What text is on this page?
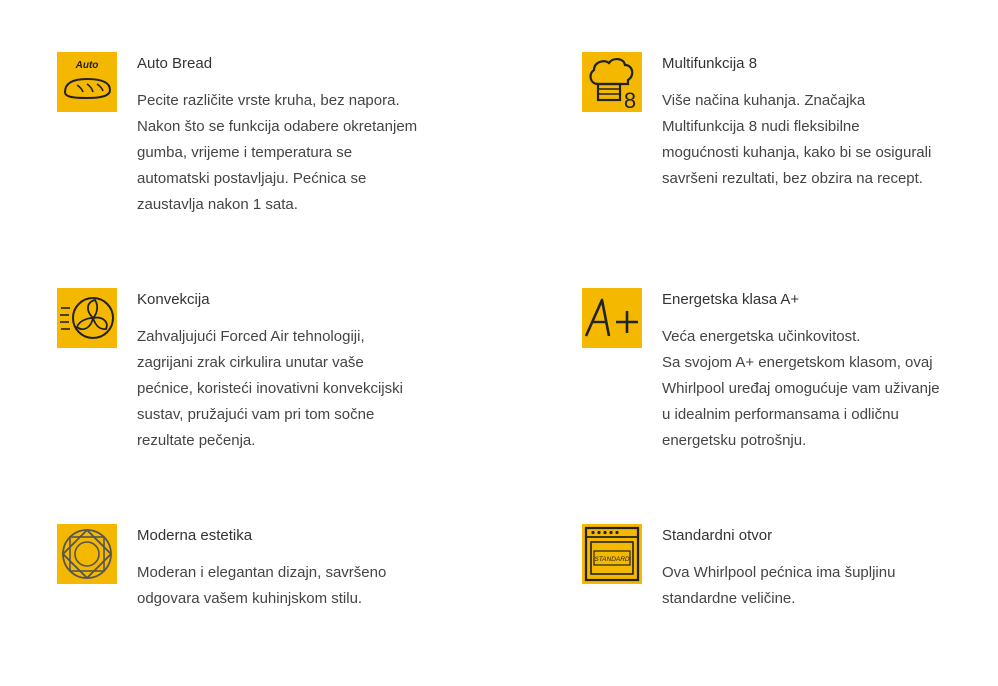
Auto	Auto Bread

Pecite različite vrste kruha, bez napora.
Nakon što se funkcija odabere okretanjem
gumba, vrijeme i temperatura se
automatski postavljaju. Pećnica se
zaustavlja nakon 1 sata.

8
Multifunkcija 8

Više načina kuhanja. Značajka
Multifunkcija 8 nudi fleksibilne
mogućnosti kuhanja, kako bi se osigurali
savršeni rezultati, bez obzira na recept.

Konvekcija

Zahvaljujući Forced Air tehnologiji,
zagrijani zrak cirkulira unutar vaše
pećnice, koristeći inovativni konvekcijski
sustav, pružajući vam pri tom sočne
rezultate pečenja.

Energetska klasa A+

Veća energetska učinkovitost.
Sa svojom A+ energetskom klasom, ovaj
Whirlpool uređaj omogućuje vam uživanje
u idealnim performansama i odličnu
energetsku potrošnju.

Moderna estetika

Moderan i elegantan dizajn, savršeno
odgovara vašem kuhinjskom stilu.

STANDARD
Standardni otvor

Ova Whirlpool pećnica ima šupljinu
standardne veličine.
